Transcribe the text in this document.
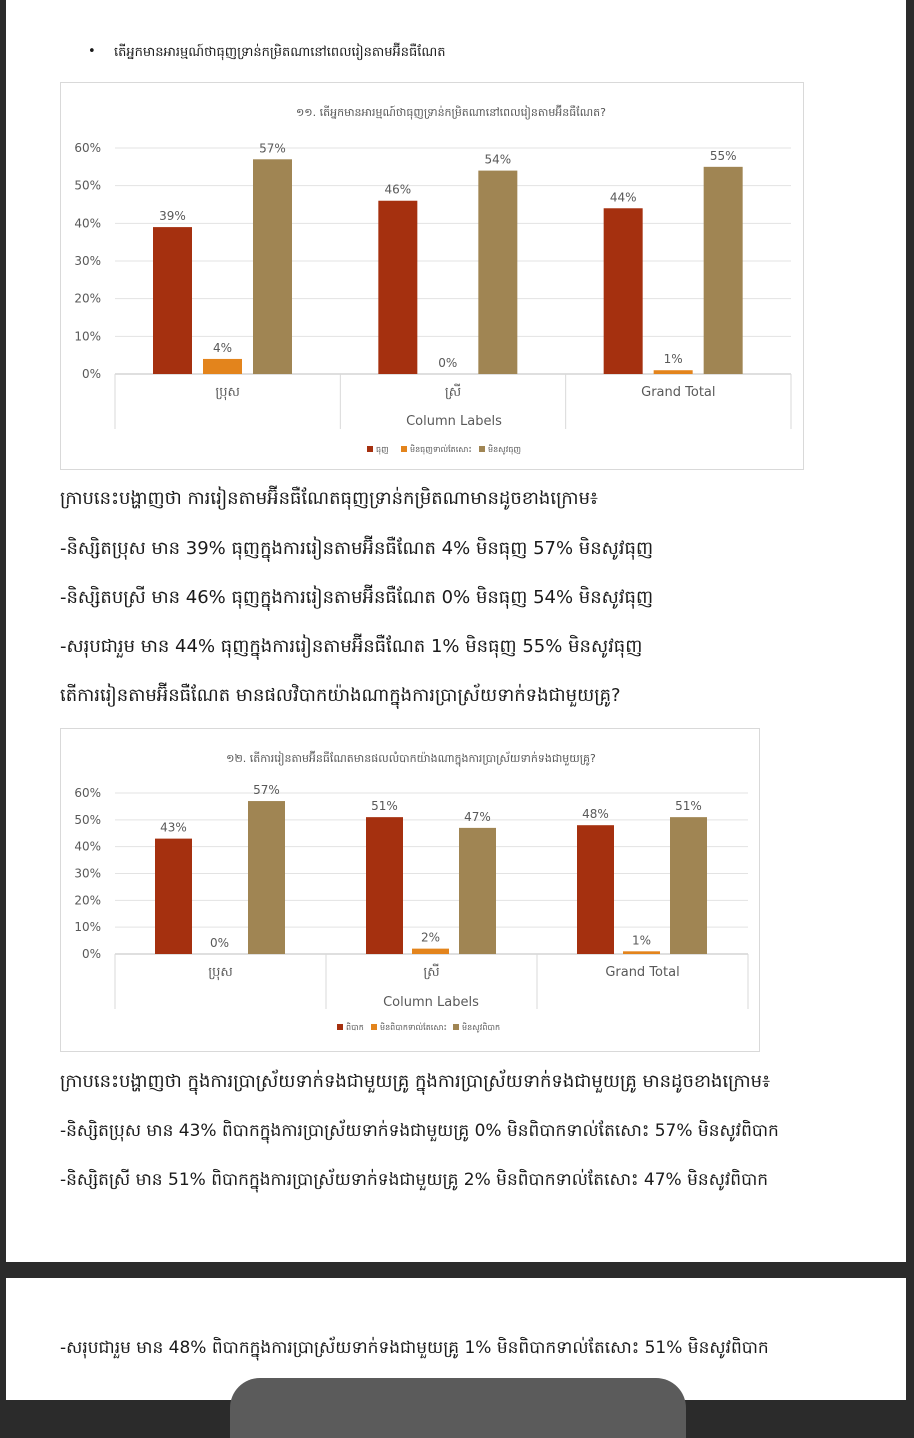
• តើអ្នកមានអារម្មណ៍ថាធុញទ្រាន់កម្រិតណានៅពេលរៀនតាមអ៊ីនធឺណែត
១១. តើអ្នកមានអារម្មណ៍ថាធុញទ្រាន់កម្រិតណានៅពេលរៀនតាមអ៊ីនធឺណែត?
0%
10%
20%
30%
40%
50%
60%
39%
4%
57%
ប្រុស
46%
0%
54%
ស្រី
44%
1%
55%
Grand Total
Column Labels
ធុញ	មិនធុញទាល់តែសោះ មិនសូវធុញ
ក្រាបនេះបង្ហាញថា ការរៀនតាមអ៊ីនធឺណែតធុញទ្រាន់កម្រិតណាមានដូចខាងក្រោម៖
-និស្សិតប្រុស មាន 39% ធុញក្នុងការរៀនតាមអ៊ីនធឺណែត 4% មិនធុញ 57% មិនសូវធុញ
-និស្សិតបស្រី មាន 46% ធុញក្នុងការរៀនតាមអ៊ីនធឺណែត 0% មិនធុញ 54% មិនសូវធុញ
-សរុបជារួម មាន 44% ធុញក្នុងការរៀនតាមអ៊ីនធឺណែត 1% មិនធុញ 55% មិនសូវធុញ
តើការរៀនតាមអ៊ីនធឺណែត មានផលវិបាកយ៉ាងណាក្នុងការប្រាស្រ័យទាក់ទងជាមួយគ្រូ?
១២. តើការរៀនតាមអ៊ីនធឺណែតមានផលលំបាកយ៉ាងណាក្នុងការប្រាស្រ័យទាក់ទងជាមួយគ្រូ?
0%
10%
20%
30%
40%
50%
60%
43%
0%
57%
ប្រុស
51%
2%
47%
ស្រី
48%
1%
51%
Grand Total
Column Labels
ពិបាក មិនពិបាកទាល់តែសោះ មិនសូវពិបាក
ក្រាបនេះបង្ហាញថា ក្នុងការប្រាស្រ័យទាក់ទងជាមួយគ្រូ ក្នុងការប្រាស្រ័យទាក់ទងជាមួយគ្រូ មានដូចខាងក្រោម៖
-និស្សិតប្រុស មាន 43% ពិបាកក្នុងការប្រាស្រ័យទាក់ទងជាមួយគ្រូ 0% មិនពិបាកទាល់តែសោះ 57% មិនសូវពិបាក
-និស្សិតស្រី មាន 51% ពិបាកក្នុងការប្រាស្រ័យទាក់ទងជាមួយគ្រូ 2% មិនពិបាកទាល់តែសោះ 47% មិនសូវពិបាក
-សរុបជារួម មាន 48% ពិបាកក្នុងការប្រាស្រ័យទាក់ទងជាមួយគ្រូ 1% មិនពិបាកទាល់តែសោះ 51% មិនសូវពិបាក
